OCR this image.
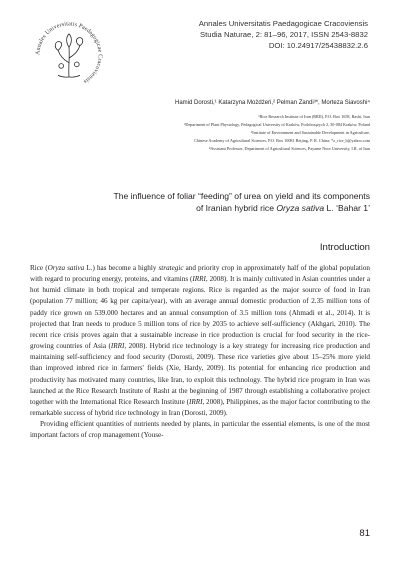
Annales Universitatis Paedagogicae Cracoviensis
Annales Universitatis Paedagogicae Cracoviensis
Studia Naturae, 2: 81–96, 2017, ISSN 2543-8832
DOI: 10.24917/25438832.2.6
Hamid Dorosti,¹ Katarzyna Możdżeń,² Pelman Zandi³*, Morteza Siavoshi⁴
¹Rice Research Institute of Iran (RRII), P.O. Box 1658, Rasht, Iran
²Department of Plant Physiology, Pedagogical University of Kraków, Podchorążych 2, 30-084 Kraków, Poland
³Institute of Environment and Sustainable Development in Agriculture,
Chinese Academy of Agricultural Sciences, P.O. Box 10081 Beijing, P. R. China; *z_rice_b@yahoo.com
⁴Assistant Professor, Department of Agricultural Sciences, Payame Noor University, I.R. of Iran
The influence of foliar “feeding” of urea on yield and its components
of Iranian hybrid rice Oryza sativa L. ‘Bahar 1’
Introduction

Rice (Oryza sativa L.) has become a highly strategic and priority crop in approximately half of the global population with regard to procuring energy, proteins, and vitamins (IRRI, 2008). It is mainly cultivated in Asian countries under a hot humid climate in both tropical and temperate regions. Rice is regarded as the major source of food in Iran (population 77 million; 46 kg per capita/year), with an average annual domestic production of 2.35 million tons of paddy rice grown on 539.000 hectares and an annual consumption of 3.5 million tons (Ahmadi et al., 2014). It is projected that Iran needs to produce 5 million tons of rice by 2035 to achieve self-sufficiency (Akhgari, 2010). The recent rice crisis proves again that a sustainable increase in rice production is crucial for food security in the rice-growing countries of Asia (IRRI, 2008). Hybrid rice technology is a key strategy for increasing rice production and maintaining self-sufficiency and food security (Dorosti, 2009). These rice varieties give about 15–25% more yield than improved inbred rice in farmers' fields (Xie, Hardy, 2009). Its potential for enhancing rice production and productivity has motivated many countries, like Iran, to exploit this technology. The hybrid rice program in Iran was launched at the Rice Research Institute of Rasht at the beginning of 1987 through establishing a collaborative project together with the International Rice Research Institute (IRRI, 2008), Philippines, as the major factor contributing to the remarkable success of hybrid rice technology in Iran (Dorosti, 2009).

Providing efficient quantities of nutrients needed by plants, in particular the essential elements, is one of the most important factors of crop management (Youse-

81
